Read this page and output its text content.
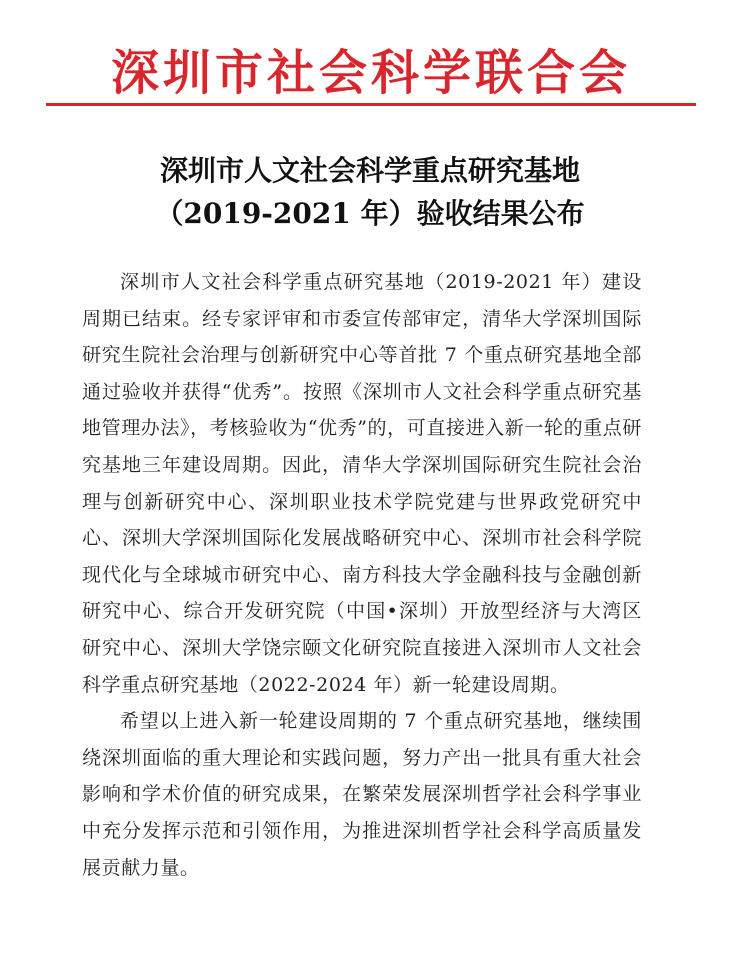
深圳市社会科学联合会
深圳市人文社会科学重点研究基地
（2019-2021 年）验收结果公布

深圳市人文社会科学重点研究基地（2019-2021 年）建设周期已结束。经专家评审和市委宣传部审定，清华大学深圳国际研究生院社会治理与创新研究中心等首批 7 个重点研究基地全部通过验收并获得“优秀”。按照《深圳市人文社会科学重点研究基地管理办法》，考核验收为“优秀”的，可直接进入新一轮的重点研究基地三年建设周期。因此，清华大学深圳国际研究生院社会治理与创新研究中心、深圳职业技术学院党建与世界政党研究中心、深圳大学深圳国际化发展战略研究中心、深圳市社会科学院现代化与全球城市研究中心、南方科技大学金融科技与金融创新研究中心、综合开发研究院（中国•深圳）开放型经济与大湾区研究中心、深圳大学饶宗颐文化研究院直接进入深圳市人文社会科学重点研究基地（2022-2024 年）新一轮建设周期。

希望以上进入新一轮建设周期的 7 个重点研究基地，继续围绕深圳面临的重大理论和实践问题，努力产出一批具有重大社会影响和学术价值的研究成果，在繁荣发展深圳哲学社会科学事业中充分发挥示范和引领作用，为推进深圳哲学社会科学高质量发展贡献力量。
